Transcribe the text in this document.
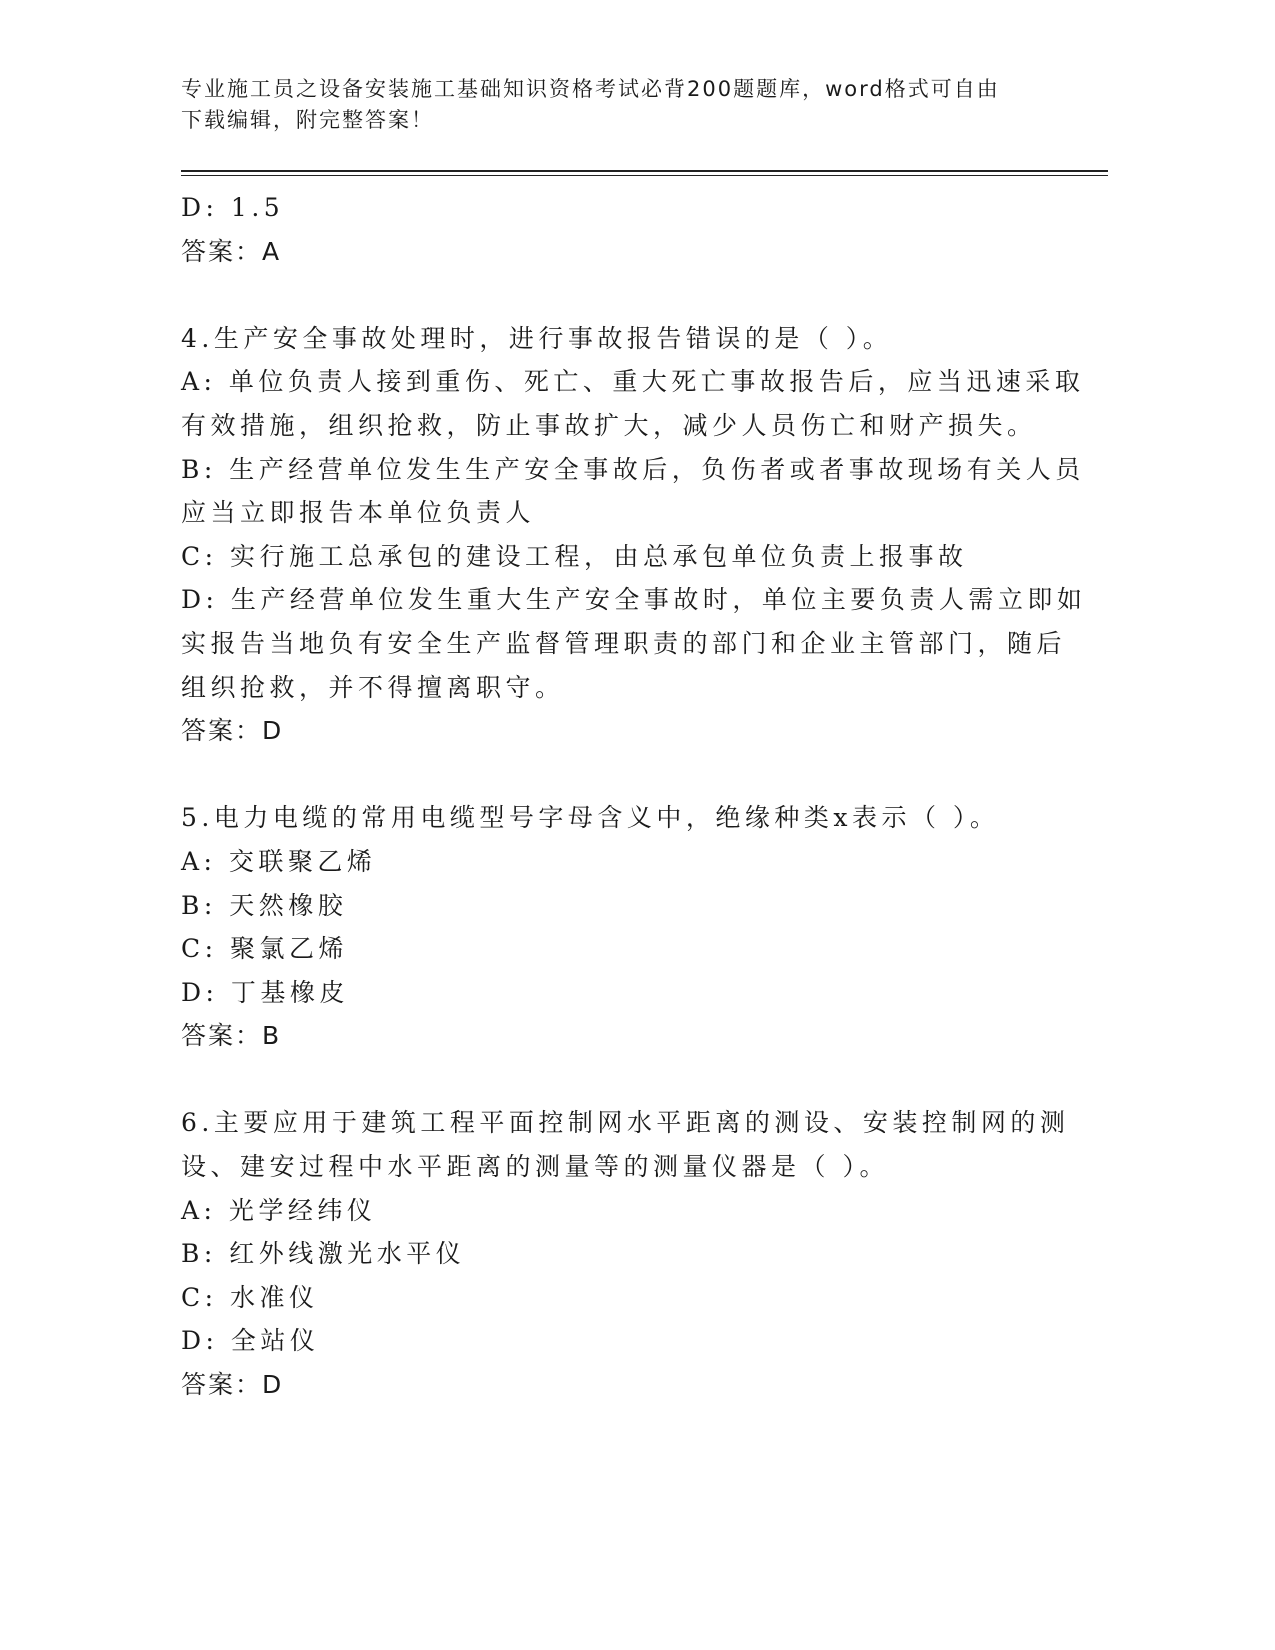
专业施工员之设备安装施工基础知识资格考试必背200题题库，word格式可自由
下载编辑，附完整答案！
D: 1.5
答案：A
4.生产安全事故处理时，进行事故报告错误的是（ ）。
A: 单位负责人接到重伤、死亡、重大死亡事故报告后，应当迅速采取
有效措施，组织抢救，防止事故扩大，减少人员伤亡和财产损失。
B: 生产经营单位发生生产安全事故后，负伤者或者事故现场有关人员
应当立即报告本单位负责人
C: 实行施工总承包的建设工程，由总承包单位负责上报事故
D: 生产经营单位发生重大生产安全事故时，单位主要负责人需立即如
实报告当地负有安全生产监督管理职责的部门和企业主管部门，随后
组织抢救，并不得擅离职守。
答案：D
5.电力电缆的常用电缆型号字母含义中，绝缘种类x表示（ ）。
A: 交联聚乙烯
B: 天然橡胶
C: 聚氯乙烯
D: 丁基橡皮
答案：B
6.主要应用于建筑工程平面控制网水平距离的测设、安装控制网的测
设、建安过程中水平距离的测量等的测量仪器是（ ）。
A: 光学经纬仪
B: 红外线激光水平仪
C: 水准仪
D: 全站仪
答案：D
